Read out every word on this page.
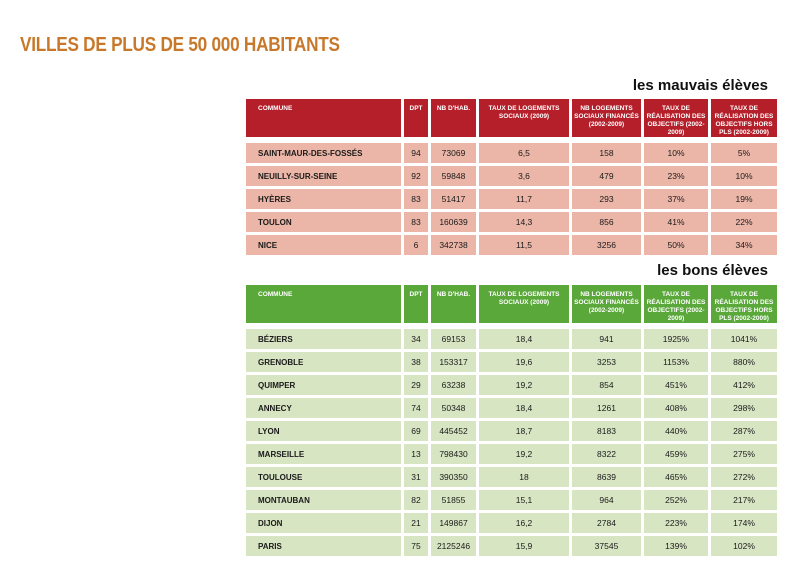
VILLES DE PLUS DE 50 000 HABITANTS
les mauvais élèves
COMMUNE	DPT	NB D'HAB.	TAUX DE LOGEMENTS SOCIAUX (2009)	NB LOGEMENTS SOCIAUX FINANCÉS (2002-2009)	TAUX DE RÉALISATION DES OBJECTIFS (2002-2009)	TAUX DE RÉALISATION DES OBJECTIFS HORS PLS (2002-2009)

SAINT-MAUR-DES-FOSSÉS	94	73069	6,5	158	10%	5%
NEUILLY-SUR-SEINE	92	59848	3,6	479	23%	10%
HYÈRES	83	51417	11,7	293	37%	19%
TOULON	83	160639	14,3	856	41%	22%
NICE	6	342738	11,5	3256	50%	34%
les bons élèves
COMMUNE	DPT	NB D'HAB.	TAUX DE LOGEMENTS SOCIAUX (2009)	NB LOGEMENTS SOCIAUX FINANCÉS (2002-2009)	TAUX DE RÉALISATION DES OBJECTIFS (2002-2009)	TAUX DE RÉALISATION DES OBJECTIFS HORS PLS (2002-2009)

BÉZIERS	34	69153	18,4	941	1925%	1041%
GRENOBLE	38	153317	19,6	3253	1153%	880%
QUIMPER	29	63238	19,2	854	451%	412%
ANNECY	74	50348	18,4	1261	408%	298%
LYON	69	445452	18,7	8183	440%	287%
MARSEILLE	13	798430	19,2	8322	459%	275%
TOULOUSE	31	390350	18	8639	465%	272%
MONTAUBAN	82	51855	15,1	964	252%	217%
DIJON	21	149867	16,2	2784	223%	174%
PARIS	75	2125246	15,9	37545	139%	102%
